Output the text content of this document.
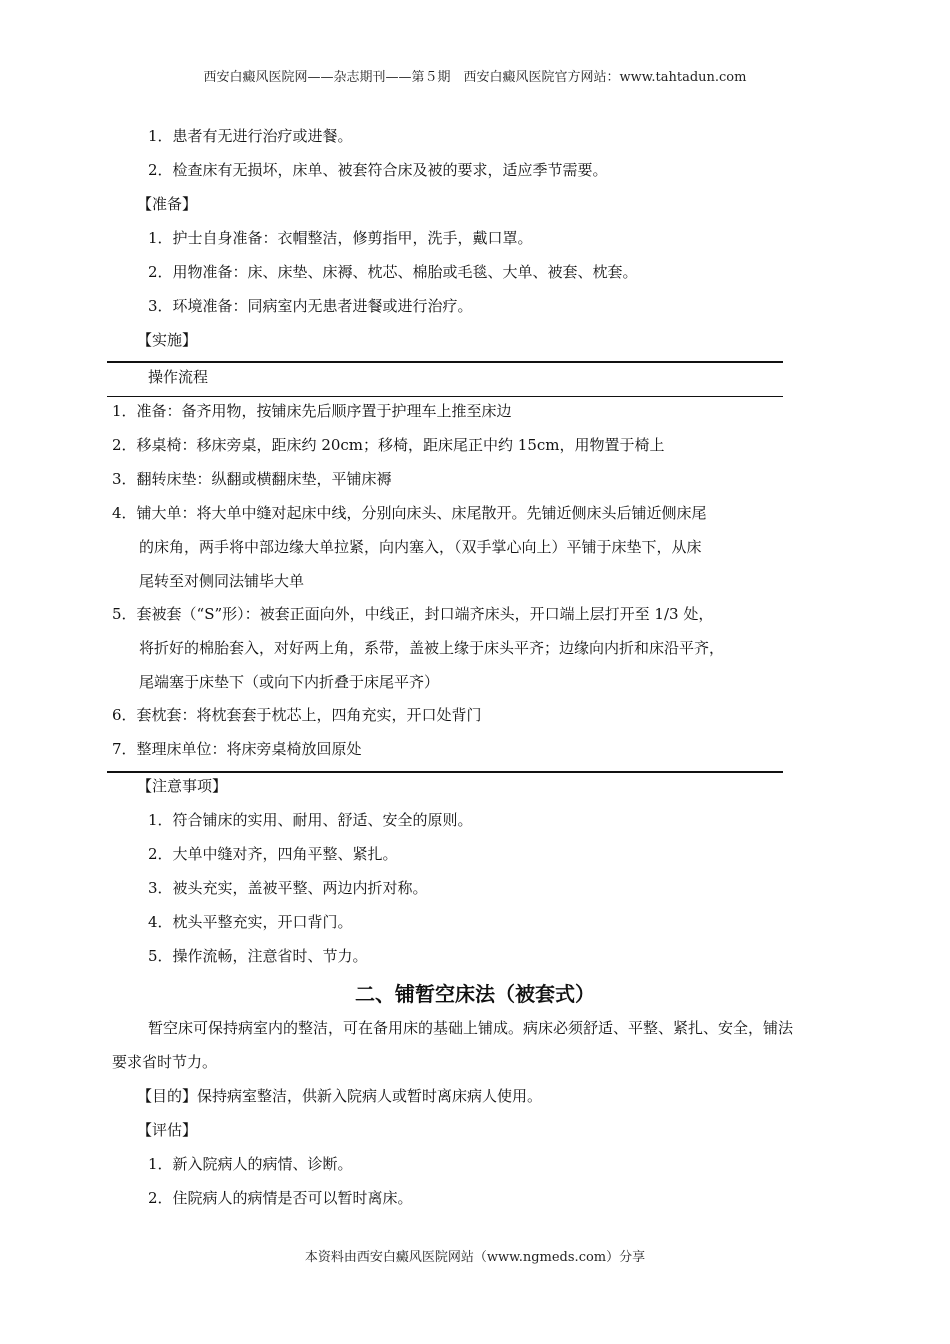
西安白癜风医院网——杂志期刊——第５期　西安白癜风医院官方网站：www.tahtadun.com
1．患者有无进行治疗或进餐。
2．检查床有无损坏，床单、被套符合床及被的要求，适应季节需要。
【准备】
1．护士自身准备：衣帽整洁，修剪指甲，洗手，戴口罩。
2．用物准备：床、床垫、床褥、枕芯、棉胎或毛毯、大单、被套、枕套。
3．环境准备：同病室内无患者进餐或进行治疗。
【实施】
操作流程
1．准备：备齐用物，按铺床先后顺序置于护理车上推至床边
2．移桌椅：移床旁桌，距床约 20cm；移椅，距床尾正中约 15cm，用物置于椅上
3．翻转床垫：纵翻或横翻床垫，平铺床褥
4．铺大单：将大单中缝对起床中线，分别向床头、床尾散开。先铺近侧床头后铺近侧床尾
的床角，两手将中部边缘大单拉紧，向内塞入，（双手掌心向上）平铺于床垫下，从床
尾转至对侧同法铺毕大单
5．套被套（“S”形）：被套正面向外，中线正，封口端齐床头，开口端上层打开至 1/3 处，
将折好的棉胎套入，对好两上角，系带，盖被上缘于床头平齐；边缘向内折和床沿平齐，
尾端塞于床垫下（或向下内折叠于床尾平齐）
6．套枕套：将枕套套于枕芯上，四角充实，开口处背门
7．整理床单位：将床旁桌椅放回原处
【注意事项】
1．符合铺床的实用、耐用、舒适、安全的原则。
2．大单中缝对齐，四角平整、紧扎。
3．被头充实，盖被平整、两边内折对称。
4．枕头平整充实，开口背门。
5．操作流畅，注意省时、节力。
二、铺暂空床法（被套式）
暂空床可保持病室内的整洁，可在备用床的基础上铺成。病床必须舒适、平整、紧扎、安全，铺法
要求省时节力。
【目的】保持病室整洁，供新入院病人或暂时离床病人使用。
【评估】
1．新入院病人的病情、诊断。
2．住院病人的病情是否可以暂时离床。
本资料由西安白癜风医院网站（www.ngmeds.com）分享
